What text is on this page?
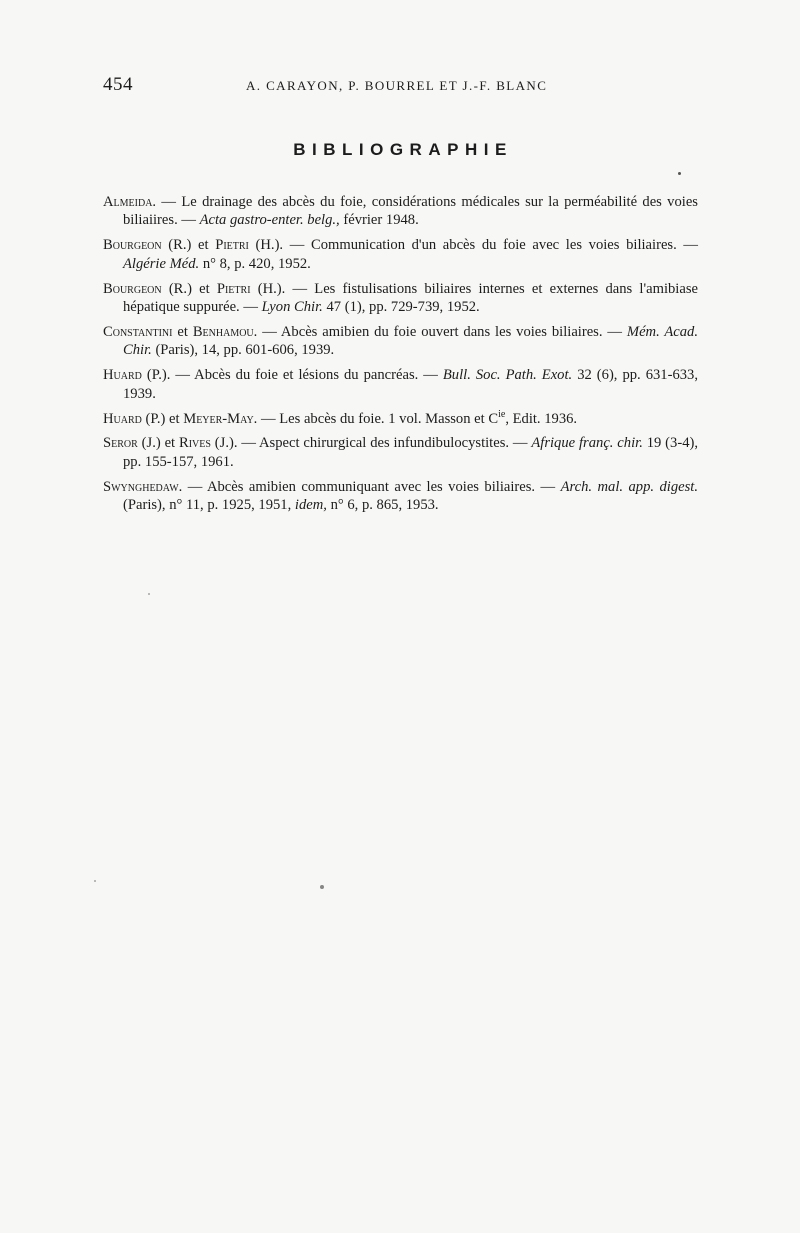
454	A. CARAYON, P. BOURREL ET J.-F. BLANC
BIBLIOGRAPHIE
Almeida. — Le drainage des abcès du foie, considérations médicales sur la perméabilité des voies biliaiires. — Acta gastro-enter. belg., février 1948.
Bourgeon (R.) et Pietri (H.). — Communication d'un abcès du foie avec les voies biliaires. — Algérie Méd. n° 8, p. 420, 1952.
Bourgeon (R.) et Pietri (H.). — Les fistulisations biliaires internes et externes dans l'amibiase hépatique suppurée. — Lyon Chir. 47 (1), pp. 729-739, 1952.
Constantini et Benhamou. — Abcès amibien du foie ouvert dans les voies biliaires. — Mém. Acad. Chir. (Paris), 14, pp. 601-606, 1939.
Huard (P.). — Abcès du foie et lésions du pancréas. — Bull. Soc. Path. Exot. 32 (6), pp. 631-633, 1939.
Huard (P.) et Meyer-May. — Les abcès du foie. 1 vol. Masson et $C^{ie}$, Edit. 1936.
Seror (J.) et Rives (J.). — Aspect chirurgical des infundibulocystites. — Afrique franç. chir. 19 (3-4), pp. 155-157, 1961.
Swynghedaw. — Abcès amibien communiquant avec les voies biliaires. — Arch. mal. app. digest. (Paris), n° 11, p. 1925, 1951, idem, n° 6, p. 865, 1953.
